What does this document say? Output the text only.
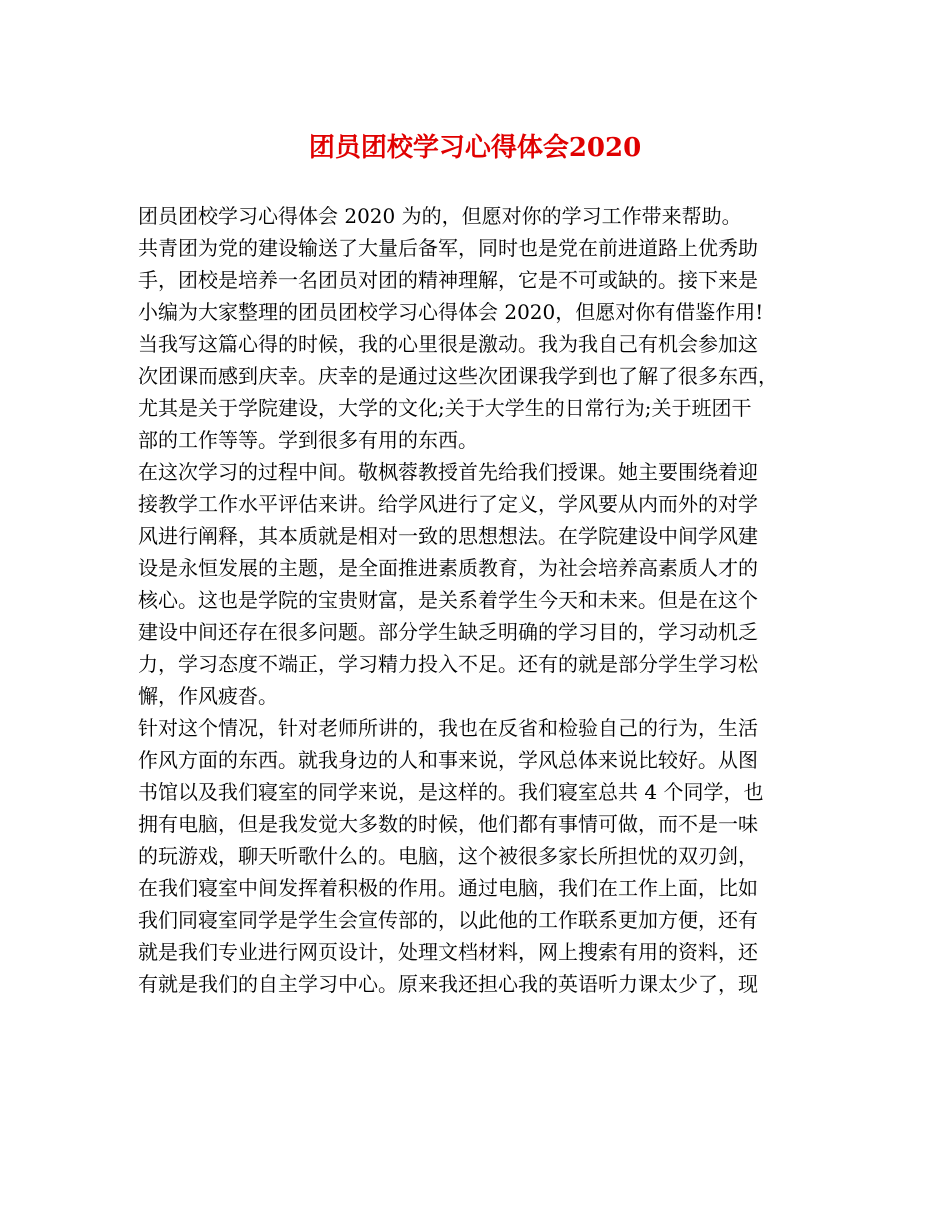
团员团校学习心得体会2020
团员团校学习心得体会 2020 为的，但愿对你的学习工作带来帮助。
共青团为党的建设输送了大量后备军，同时也是党在前进道路上优秀助
手，团校是培养一名团员对团的精神理解，它是不可或缺的。接下来是
小编为大家整理的团员团校学习心得体会 2020，但愿对你有借鉴作用!
当我写这篇心得的时候，我的心里很是激动。我为我自己有机会参加这
次团课而感到庆幸。庆幸的是通过这些次团课我学到也了解了很多东西，
尤其是关于学院建设，大学的文化;关于大学生的日常行为;关于班团干
部的工作等等。学到很多有用的东西。
在这次学习的过程中间。敬枫蓉教授首先给我们授课。她主要围绕着迎
接教学工作水平评估来讲。给学风进行了定义，学风要从内而外的对学
风进行阐释，其本质就是相对一致的思想想法。在学院建设中间学风建
设是永恒发展的主题，是全面推进素质教育，为社会培养高素质人才的
核心。这也是学院的宝贵财富，是关系着学生今天和未来。但是在这个
建设中间还存在很多问题。部分学生缺乏明确的学习目的，学习动机乏
力，学习态度不端正，学习精力投入不足。还有的就是部分学生学习松
懈，作风疲沓。
针对这个情况，针对老师所讲的，我也在反省和检验自己的行为，生活
作风方面的东西。就我身边的人和事来说，学风总体来说比较好。从图
书馆以及我们寝室的同学来说，是这样的。我们寝室总共 4 个同学，也
拥有电脑，但是我发觉大多数的时候，他们都有事情可做，而不是一味
的玩游戏，聊天听歌什么的。电脑，这个被很多家长所担忧的双刃剑，
在我们寝室中间发挥着积极的作用。通过电脑，我们在工作上面，比如
我们同寝室同学是学生会宣传部的，以此他的工作联系更加方便，还有
就是我们专业进行网页设计，处理文档材料，网上搜索有用的资料，还
有就是我们的自主学习中心。原来我还担心我的英语听力课太少了，现
